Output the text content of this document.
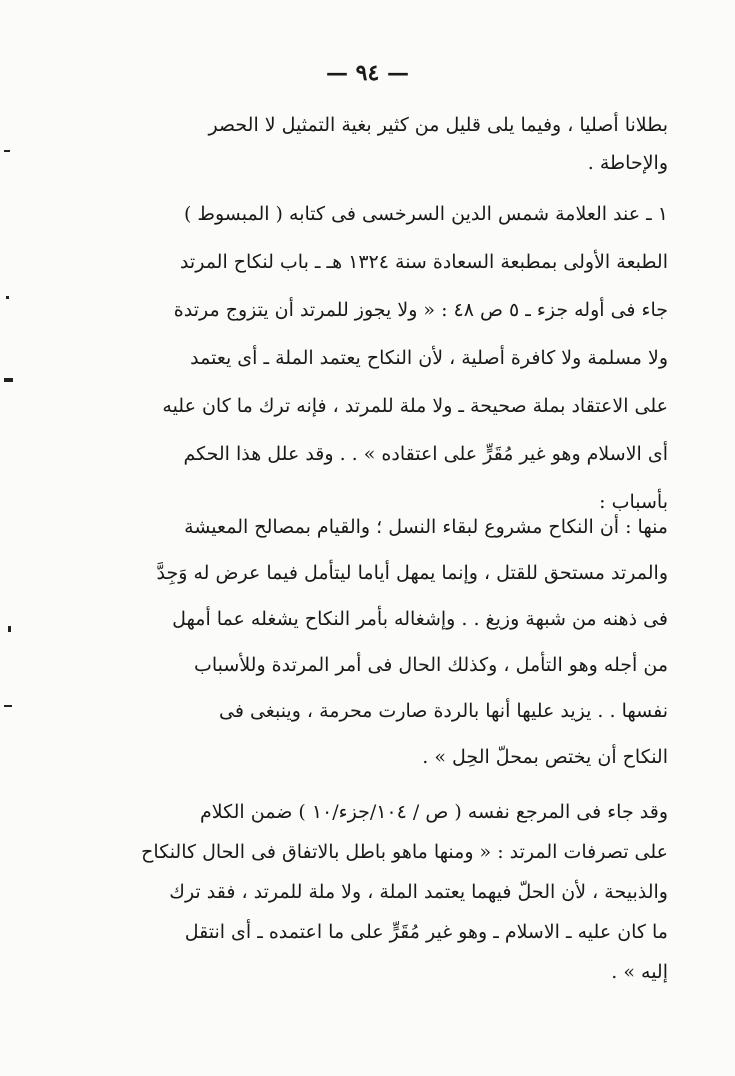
— ٩٤ —

بطلانا أصليا ، وفيما يلى قليل من كثير بغية التمثيل لا الحصر
والإحاطة .

١ ـ عند العلامة شمس الدين السرخسى فى كتابه ( المبسوط )
الطبعة الأولى بمطبعة السعادة سنة ١٣٢٤ هـ ـ باب لنكاح المرتد
جاء فى أوله جزء ـ ٥ ص ٤٨ : « ولا يجوز للمرتد أن يتزوج مرتدة
ولا مسلمة ولا كافرة أصلية ، لأن النكاح يعتمد الملة ـ أى يعتمد
على الاعتقاد بملة صحيحة ـ ولا ملة للمرتد ، فإنه ترك ما كان عليه
أى الاسلام وهو غير مُقَرٍّ على اعتقاده » . . وقد علل هذا الحكم
بأسباب :

منها : أن النكاح مشروع لبقاء النسل ؛ والقيام بمصالح المعيشة
والمرتد مستحق للقتل ، وإنما يمهل أياما ليتأمل فيما عرض له وَجِدَّ
فى ذهنه من شبهة وزيغ . . وإشغاله بأمر النكاح يشغله عما أمهل
من أجله وهو التأمل ، وكذلك الحال فى أمر المرتدة وللأسباب
نفسها . . يزيد عليها أنها بالردة صارت محرمة ، وينبغى فى
النكاح أن يختص بمحلّ الحِل » .

وقد جاء فى المرجع نفسه ( ص / ١٠٤/جزء/١٠ ) ضمن الكلام
على تصرفات المرتد : « ومنها ماهو باطل بالاتفاق فى الحال كالنكاح
والذبيحة ، لأن الحلّ فيهما يعتمد الملة ، ولا ملة للمرتد ، فقد ترك
ما كان عليه ـ الاسلام ـ وهو غير مُقَرٍّ على ما اعتمده ـ أى انتقل
إليه » .
